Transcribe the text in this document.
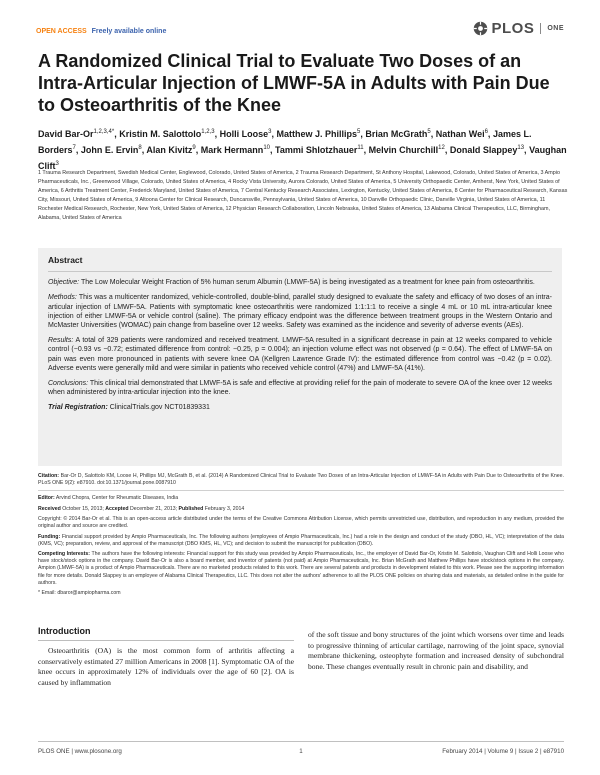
OPEN ACCESS Freely available online	PLOS ONE
A Randomized Clinical Trial to Evaluate Two Doses of an Intra-Articular Injection of LMWF-5A in Adults with Pain Due to Osteoarthritis of the Knee
David Bar-$Or^{1,2,3,4*}$, Kristin M. Salottolo$^{1,2,3}$, Holli Loose$^3$, Matthew J. Phillips$^5$, Brian McGrath$^5$, Nathan Wei$^6$, James L. Borders$^7$, John E. Ervin$^8$, Alan Kivitz$^9$, Mark Hermann$^{10}$, Tammi Shlotzhauer$^{11}$, Melvin Churchill$^{12}$, Donald Slappey$^{13}$, Vaughan Clift$^3$
1 Trauma Research Department, Swedish Medical Center, Englewood, Colorado, United States of America, 2 Trauma Research Department, St Anthony Hospital, Lakewood, Colorado, United States of America, 3 Ampio Pharmaceuticals, Inc., Greenwood Village, Colorado, United States of America, 4 Rocky Vista University, Aurora Colorado, United States of America, 5 University Orthopaedic Center, Amherst, New York, United States of America, 6 Arthritis Treatment Center, Frederick Maryland, United States of America, 7 Central Kentucky Research Associates, Lexington, Kentucky, United States of America, 8 Center for Pharmaceutical Research, Kansas City, Missouri, United States of America, 9 Altoona Center for Clinical Research, Duncansville, Pennsylvania, United States of America, 10 Danville Orthopaedic Clinic, Danville Virginia, United States of America, 11 Rochester Medical Research, Rochester, New York, United States of America, 12 Physician Research Collaboration, Lincoln Nebraska, United States of America, 13 Alabama Clinical Therapeutics, LLC, Birmingham, Alabama, United States of America
Abstract

Objective: The Low Molecular Weight Fraction of 5% human serum Albumin (LMWF-5A) is being investigated as a treatment for knee pain from osteoarthritis.

Methods: This was a multicenter randomized, vehicle-controlled, double-blind, parallel study designed to evaluate the safety and efficacy of two doses of an intra-articular injection of LMWF-5A. Patients with symptomatic knee osteoarthritis were randomized 1:1:1:1 to receive a single 4 mL or 10 mL intra-articular knee injection of either LMWF-5A or vehicle control (saline). The primary efficacy endpoint was the difference between treatment groups in the Western Ontario and McMaster Universities (WOMAC) pain change from baseline over 12 weeks. Safety was examined as the incidence and severity of adverse events (AEs).

Results: A total of 329 patients were randomized and received treatment. LMWF-5A resulted in a significant decrease in pain at 12 weeks compared to vehicle control (−0.93 vs −0.72; estimated difference from control: −0.25, p = 0.004); an injection volume effect was not observed (p = 0.64). The effect of LMWF-5A on pain was even more pronounced in patients with severe knee OA (Kellgren Lawrence Grade IV): the estimated difference from control was −0.42 (p = 0.02). Adverse events were generally mild and were similar in patients who received vehicle control (47%) and LMWF-5A (41%).

Conclusions: This clinical trial demonstrated that LMWF-5A is safe and effective at providing relief for the pain of moderate to severe OA of the knee over 12 weeks when administered by intra-articular injection into the knee.

Trial Registration: ClinicalTrials.gov NCT01839331

Citation: Bar-Or D, Salottolo KM, Loose H, Phillips MJ, McGrath B, et al. (2014) A Randomized Clinical Trial to Evaluate Two Doses of an Intra-Articular Injection of LMWF-5A in Adults with Pain Due to Osteoarthritis of the Knee. PLoS ONE 9(2): e87910. doi:10.1371/journal.pone.0087910

Editor: Arvind Chopra, Center for Rheumatic Diseases, India

Received October 15, 2013; Accepted December 21, 2013; Published February 3, 2014

Copyright: © 2014 Bar-Or et al. This is an open-access article distributed under the terms of the Creative Commons Attribution License, which permits unrestricted use, distribution, and reproduction in any medium, provided the original author and source are credited.

Funding: Financial support provided by Ampio Pharmaceuticals, Inc. The following authors (employees of Ampio Pharmaceuticals, Inc.) had a role in the design and conduct of the study (DBO, HL, VC); interpretation of the data (KMS, VC); preparation, review, and approval of the manuscript (DBO KMS, HL, VC); and decision to submit the manuscript for publication (DBO).

Competing Interests: The authors have the following interests: Financial support for this study was provided by Ampio Pharmaceuticals, Inc., the employer of David Bar-Or, Kristin M. Salottolo, Vaughan Clift and Holli Loose who have stock/stock options in the company. David Bar-Or is also a board member, and inventor of patents (not paid) at Ampio Pharmaceuticals, Inc. Brian McGrath and Matthew Phillips have stock/stock options in the company. Ampion (LMWF-5A) is a product of Ampio Pharmaceuticals. There are no marketed products related to this work. There are several patents and products in development related to this work. Please see the supporting information file for more details. Donald Slappey is an employee of Alabama Clinical Therapeutics, LLC. This does not alter the authors' adherence to all the PLOS ONE policies on sharing data and materials, as detailed online in the guide for authors.

* Email: dbaror@ampiopharma.com

Introduction

Osteoarthritis (OA) is the most common form of arthritis affecting a conservatively estimated 27 million Americans in 2008 [1]. Symptomatic OA of the knee occurs in approximately 12% of individuals over the age of 60 [2]. OA is caused by inflammation

of the soft tissue and bony structures of the joint which worsens over time and leads to progressive thinning of articular cartilage, narrowing of the joint space, synovial membrane thickening, osteophyte formation and increased density of subchondral bone. These changes eventually result in chronic pain and disability, and

PLOS ONE | www.plosone.org	1	February 2014 | Volume 9 | Issue 2 | e87910
